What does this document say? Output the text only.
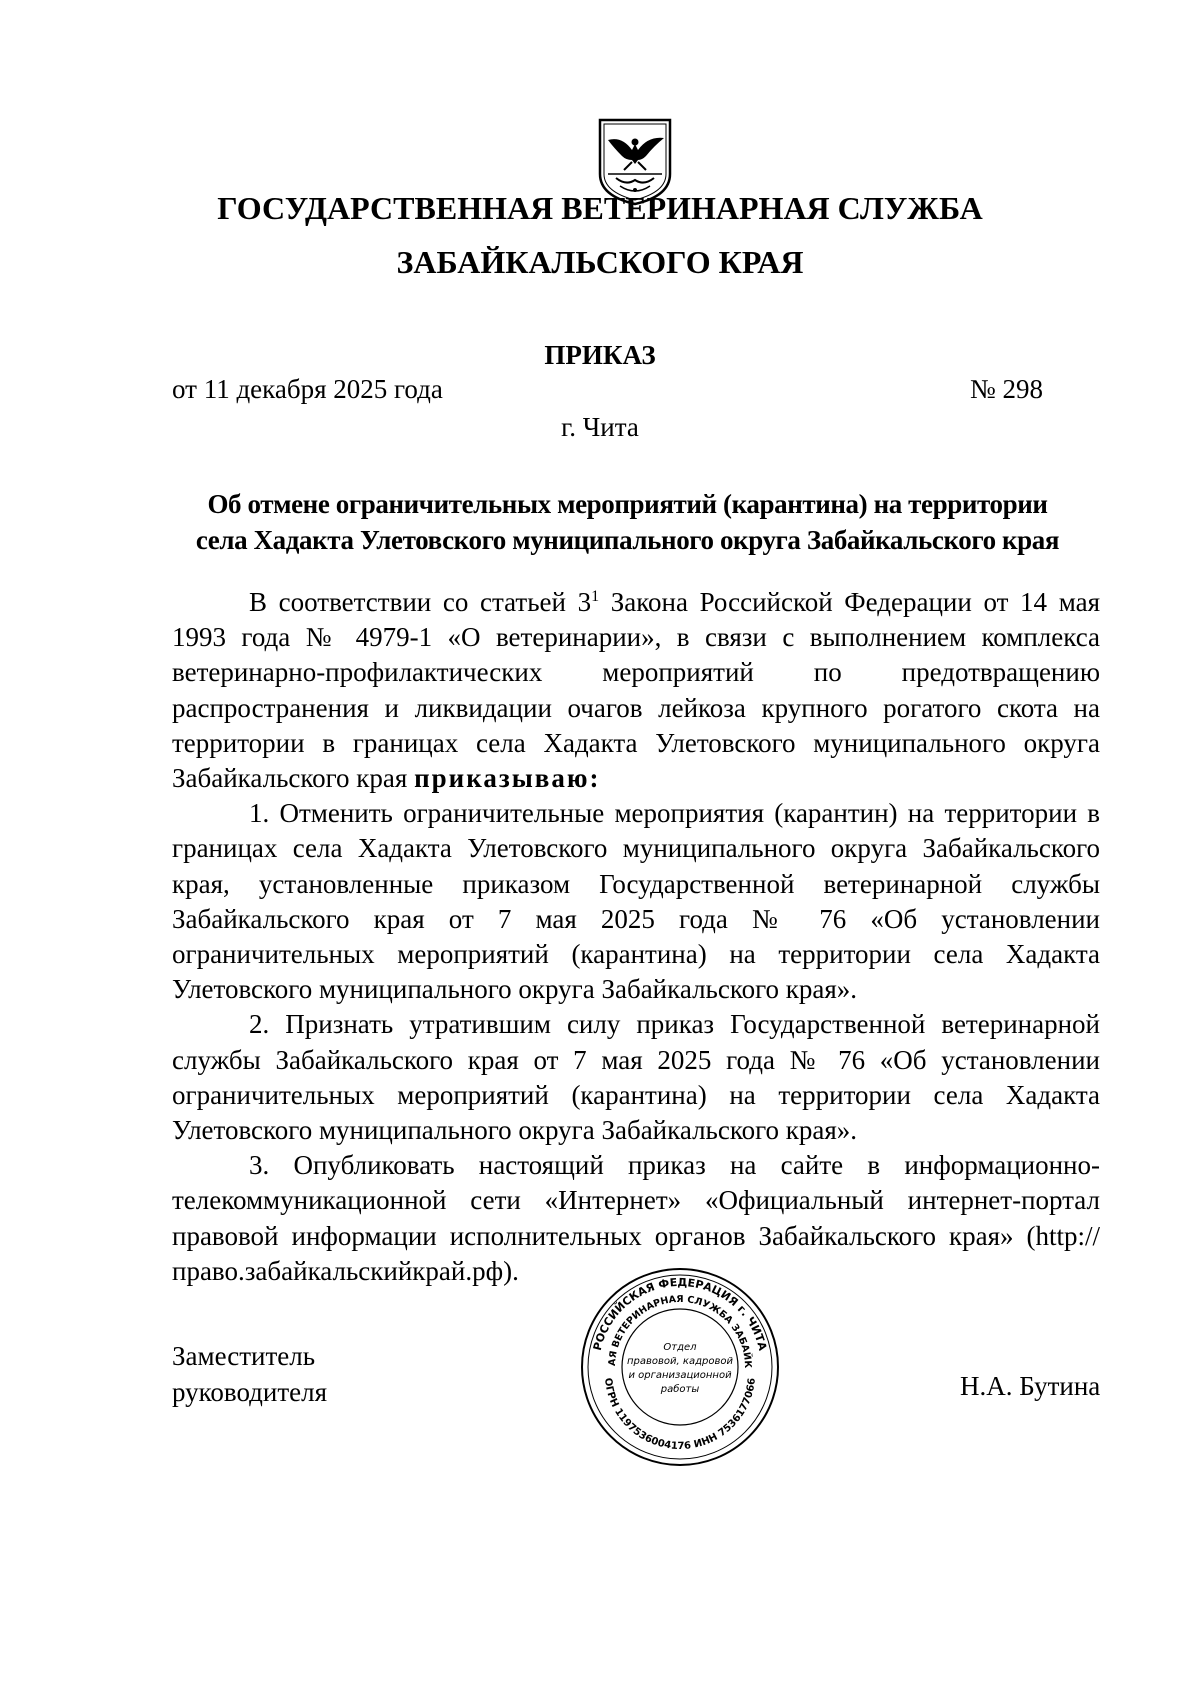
ГОСУДАРСТВЕННАЯ ВЕТЕРИНАРНАЯ СЛУЖБА
ЗАБАЙКАЛЬСКОГО КРАЯ
ПРИКАЗ
от 11 декабря 2025 года	№ 298
г. Чита
Об отмене ограничительных мероприятий (карантина) на территории
села Хадакта Улетовского муниципального округа Забайкальского края

В соответствии со статьей $3^1$ Закона Российской Федерации от 14 мая 1993 года № 4979-1 «О ветеринарии», в связи с выполнением комплекса ветеринарно-профилактических мероприятий по предотвращению распространения и ликвидации очагов лейкоза крупного рогатого скота на территории в границах села Хадакта Улетовского муниципального округа Забайкальского края приказываю:

1. Отменить ограничительные мероприятия (карантин) на территории в границах села Хадакта Улетовского муниципального округа Забайкальского края, установленные приказом Государственной ветеринарной службы Забайкальского края от 7 мая 2025 года № 76 «Об установлении ограничительных мероприятий (карантина) на территории села Хадакта Улетовского муниципального округа Забайкальского края».

2. Признать утратившим силу приказ Государственной ветеринарной службы Забайкальского края от 7 мая 2025 года № 76 «Об установлении ограничительных мероприятий (карантина) на территории села Хадакта Улетовского муниципального округа Забайкальского края».

3. Опубликовать настоящий приказ на сайте в информационно-телекоммуникационной сети «Интернет» «Официальный интернет-портал правовой информации исполнительных органов Забайкальского края» (http://право.забайкальскийкрай.рф).

Заместитель
руководителя	Н.А. Бутина
РОССИЙСКАЯ ФЕДЕРАЦИЯ г. ЧИТА
АЯ ВЕТЕРИНАРНАЯ СЛУЖБА ЗАБАЙК
ОГРН 1197536004176 ИНН 7536177066
Отдел
правовой, кадровой
и организационной
работы
